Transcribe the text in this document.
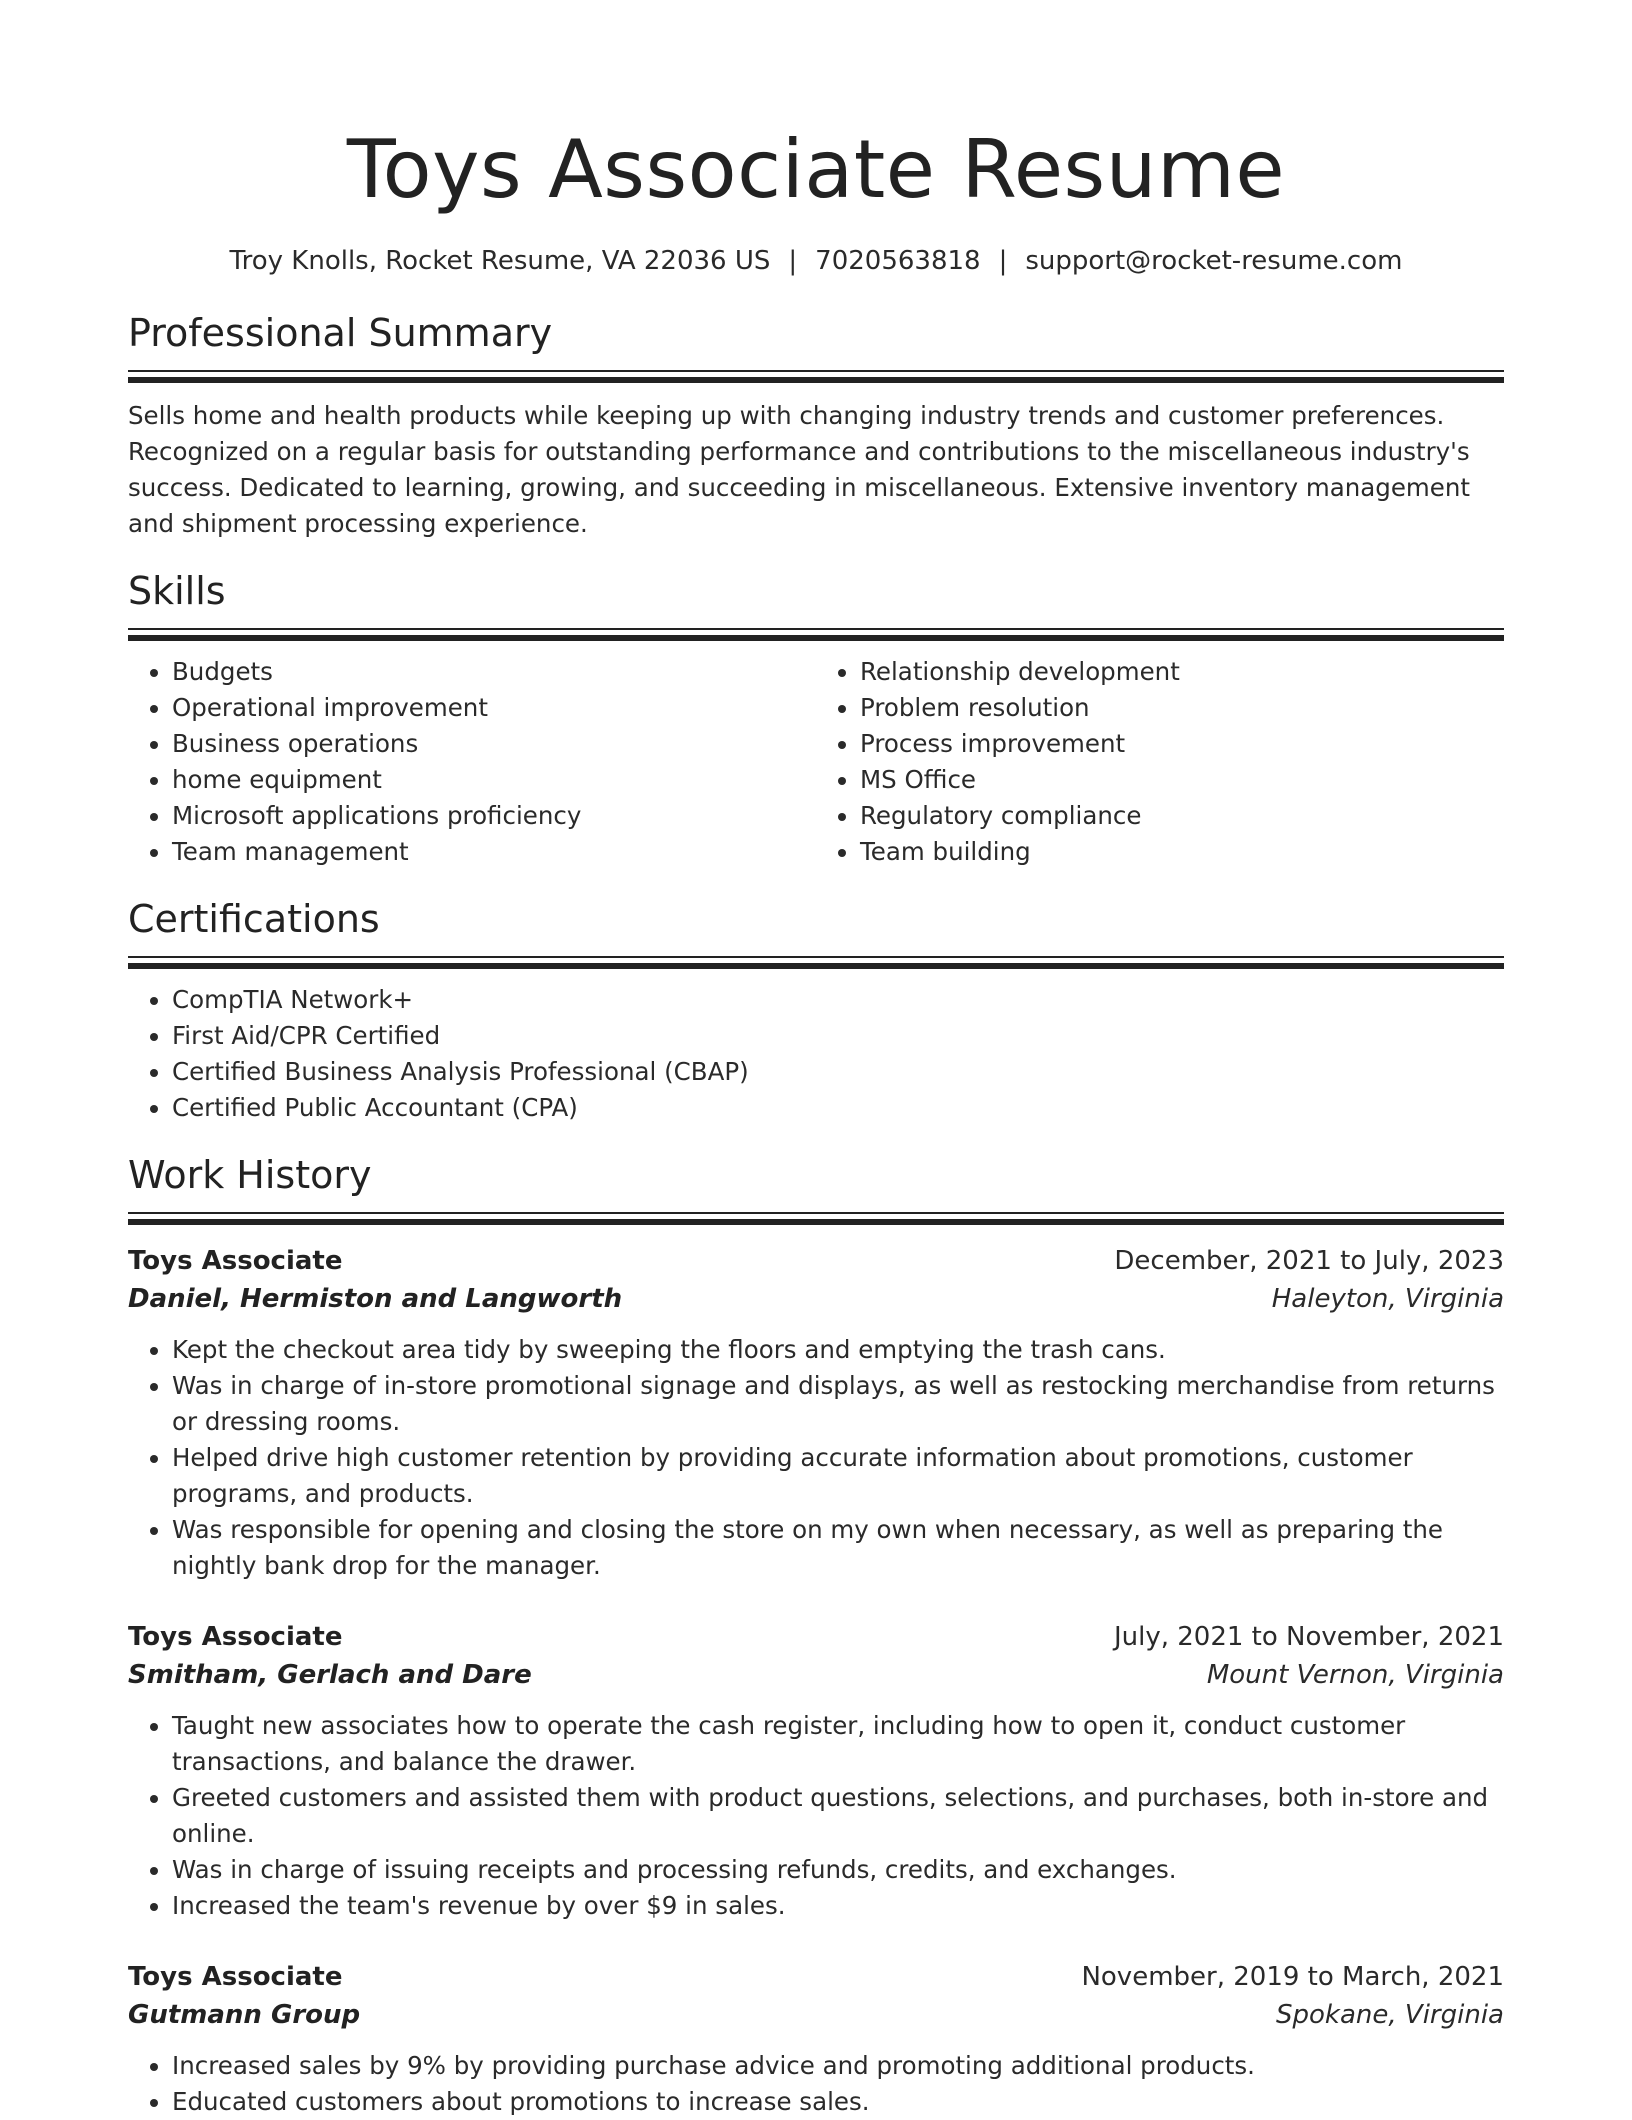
Toys Associate Resume
Troy Knolls, Rocket Resume, VA 22036 US | 7020563818 | support@rocket-resume.com
Professional Summary
Sells home and health products while keeping up with changing industry trends and customer preferences. Recognized on a regular basis for outstanding performance and contributions to the miscellaneous industry's success. Dedicated to learning, growing, and succeeding in miscellaneous. Extensive inventory management and shipment processing experience.
Skills
• Budgets
• Operational improvement
• Business operations
• home equipment
• Microsoft applications proficiency
• Team management
• Relationship development
• Problem resolution
• Process improvement
• MS Office
• Regulatory compliance
• Team building
Certifications
• CompTIA Network+
• First Aid/CPR Certified
• Certified Business Analysis Professional (CBAP)
• Certified Public Accountant (CPA)
Work History
Toys Associate	December, 2021 to July, 2023
Daniel, Hermiston and Langworth	Haleyton, Virginia
• Kept the checkout area tidy by sweeping the floors and emptying the trash cans.
• Was in charge of in-store promotional signage and displays, as well as restocking merchandise from returns or dressing rooms.
• Helped drive high customer retention by providing accurate information about promotions, customer programs, and products.
• Was responsible for opening and closing the store on my own when necessary, as well as preparing the nightly bank drop for the manager.
Toys Associate	July, 2021 to November, 2021
Smitham, Gerlach and Dare	Mount Vernon, Virginia
• Taught new associates how to operate the cash register, including how to open it, conduct customer transactions, and balance the drawer.
• Greeted customers and assisted them with product questions, selections, and purchases, both in-store and online.
• Was in charge of issuing receipts and processing refunds, credits, and exchanges.
• Increased the team's revenue by over $9 in sales.
Toys Associate	November, 2019 to March, 2021
Gutmann Group	Spokane, Virginia
• Increased sales by 9% by providing purchase advice and promoting additional products.
• Educated customers about promotions to increase sales.
